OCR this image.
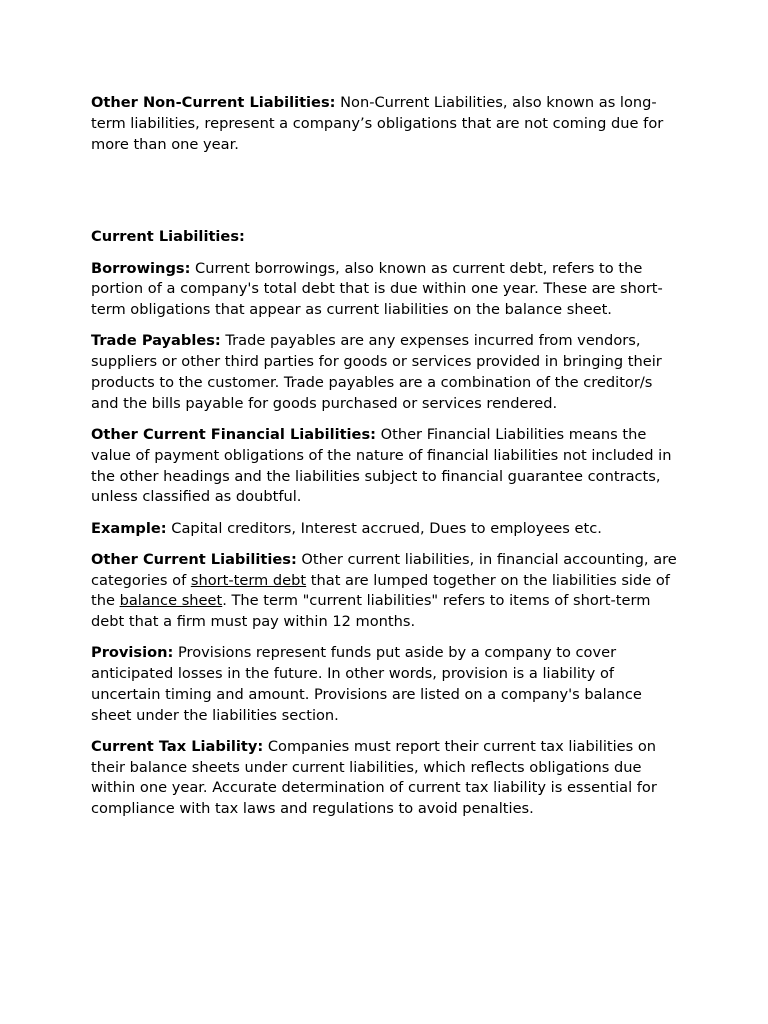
Other Non-Current Liabilities: Non-Current Liabilities, also known as long-term liabilities, represent a company’s obligations that are not coming due for more than one year.

Current Liabilities:

Borrowings: Current borrowings, also known as current debt, refers to the portion of a company's total debt that is due within one year. These are short-term obligations that appear as current liabilities on the balance sheet.

Trade Payables: Trade payables are any expenses incurred from vendors, suppliers or other third parties for goods or services provided in bringing their products to the customer. Trade payables are a combination of the creditor/s and the bills payable for goods purchased or services rendered.

Other Current Financial Liabilities: Other Financial Liabilities means the value of payment obligations of the nature of financial liabilities not included in the other headings and the liabilities subject to financial guarantee contracts, unless classified as doubtful.

Example: Capital creditors, Interest accrued, Dues to employees etc.

Other Current Liabilities: Other current liabilities, in financial accounting, are categories of short-term debt that are lumped together on the liabilities side of the balance sheet. The term "current liabilities" refers to items of short-term debt that a firm must pay within 12 months.

Provision: Provisions represent funds put aside by a company to cover anticipated losses in the future. In other words, provision is a liability of uncertain timing and amount. Provisions are listed on a company's balance sheet under the liabilities section.

Current Tax Liability: Companies must report their current tax liabilities on their balance sheets under current liabilities, which reflects obligations due within one year. Accurate determination of current tax liability is essential for compliance with tax laws and regulations to avoid penalties.
